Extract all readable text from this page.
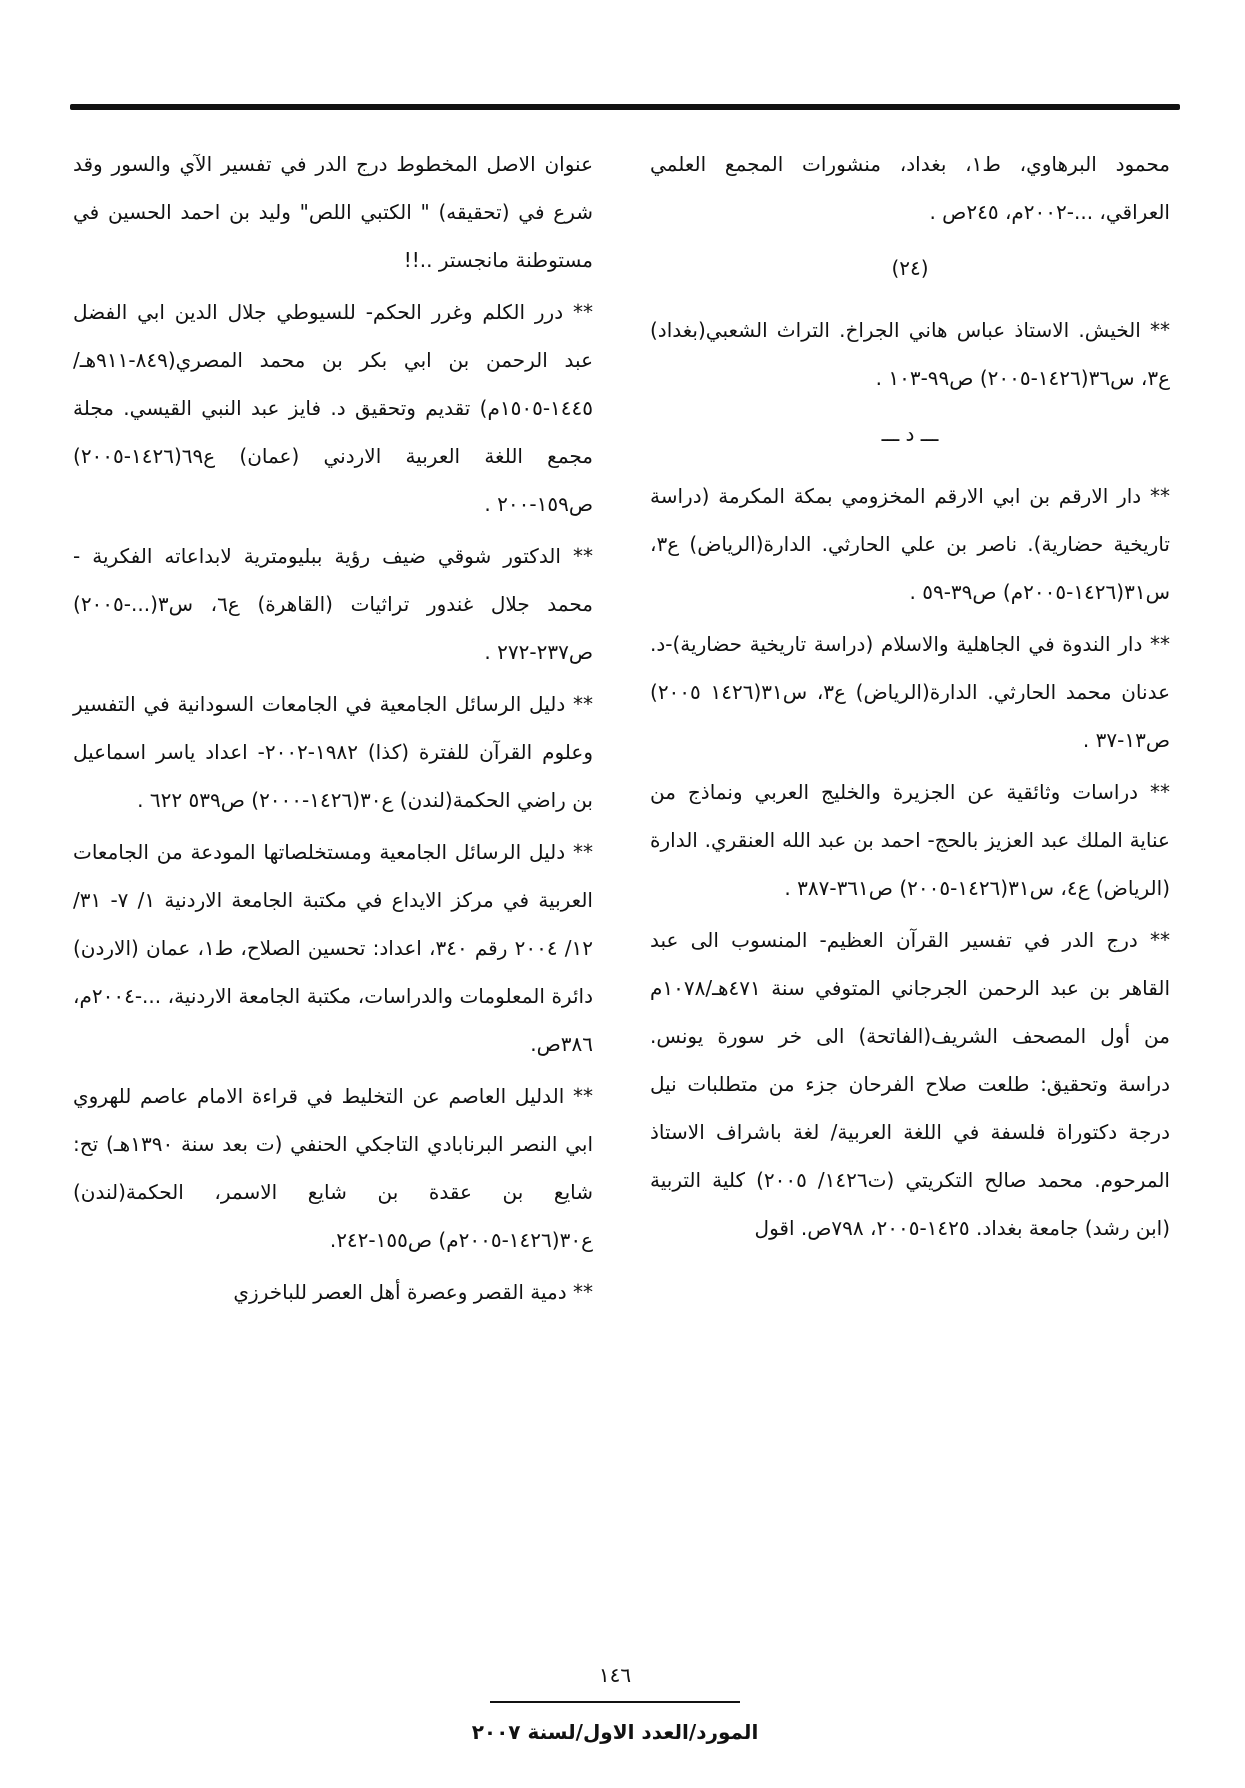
محمود البرهاوي، ط١، بغداد، منشورات المجمع العلمي العراقي، ...-٢٠٠٢م، ٢٤٥ص .

(٢٤)

** الخيش. الاستاذ عباس هاني الجراخ. التراث الشعبي(بغداد) ع٣، س٣٦(١٤٢٦-٢٠٠٥) ص٩٩-١٠٣ .

ـــ د ـــ

** دار الارقم بن ابي الارقم المخزومي بمكة المكرمة (دراسة تاريخية حضارية). ناصر بن علي الحارثي. الدارة(الرياض) ع٣، س٣١(١٤٢٦-٢٠٠٥م) ص٣٩-٥٩ .

** دار الندوة في الجاهلية والاسلام (دراسة تاريخية حضارية)-د. عدنان محمد الحارثي. الدارة(الرياض) ع٣، س٣١(١٤٢٦ ٢٠٠٥) ص١٣-٣٧ .

** دراسات وثائقية عن الجزيرة والخليج العربي ونماذج من عناية الملك عبد العزيز بالحج- احمد بن عبد الله العنقري. الدارة (الرياض) ع٤، س٣١(١٤٢٦-٢٠٠٥) ص٣٦١-٣٨٧ .

** درج الدر في تفسير القرآن العظيم- المنسوب الى عبد القاهر بن عبد الرحمن الجرجاني المتوفي سنة ٤٧١هـ/١٠٧٨م من أول المصحف الشريف(الفاتحة) الى خر سورة يونس. دراسة وتحقيق: طلعت صلاح الفرحان جزء من متطلبات نيل درجة دكتوراة فلسفة في اللغة العربية/ لغة باشراف الاستاذ المرحوم. محمد صالح التكريتي (ت١٤٢٦/ ٢٠٠٥) كلية التربية (ابن رشد) جامعة بغداد. ١٤٢٥-٢٠٠٥، ٧٩٨ص. اقول

عنوان الاصل المخطوط درج الدر في تفسير الآي والسور وقد شرع في (تحقيقه) " الكتبي اللص" وليد بن احمد الحسين في مستوطنة مانجستر ..!!

** درر الكلم وغرر الحكم- للسيوطي جلال الدين ابي الفضل عبد الرحمن بن ابي بكر بن محمد المصري(٨٤٩-٩١١هـ/١٤٤٥-١٥٠٥م) تقديم وتحقيق د. فايز عبد النبي القيسي. مجلة مجمع اللغة العربية الاردني (عمان) ع٦٩(١٤٢٦-٢٠٠٥) ص١٥٩-٢٠٠ .

** الدكتور شوقي ضيف رؤية ببليومترية لابداعاته الفكرية - محمد جلال غندور تراثيات (القاهرة) ع٦، س٣(...-٢٠٠٥) ص٢٣٧-٢٧٢ .

** دليل الرسائل الجامعية في الجامعات السودانية في التفسير وعلوم القرآن للفترة (كذا) ١٩٨٢-٢٠٠٢- اعداد ياسر اسماعيل بن راضي الحكمة(لندن) ع٣٠(١٤٢٦-٢٠٠٠) ص٥٣٩ ٦٢٢ .

** دليل الرسائل الجامعية ومستخلصاتها المودعة من الجامعات العربية في مركز الايداع في مكتبة الجامعة الاردنية ١/ ٧- ٣١/ ١٢/ ٢٠٠٤ رقم ٣٤٠، اعداد: تحسين الصلاح، ط١، عمان (الاردن) دائرة المعلومات والدراسات، مكتبة الجامعة الاردنية، ...-٢٠٠٤م، ٣٨٦ص.

** الدليل العاصم عن التخليط في قراءة الامام عاصم للهروي ابي النصر البرنابادي التاجكي الحنفي (ت بعد سنة ١٣٩٠هـ) تح: شايع بن عقدة بن شايع الاسمر، الحكمة(لندن) ع٣٠(١٤٢٦-٢٠٠٥م) ص١٥٥-٢٤٢.

** دمية القصر وعصرة أهل العصر للباخرزي

١٤٦
المورد/العدد الاول/لسنة ٢٠٠٧
